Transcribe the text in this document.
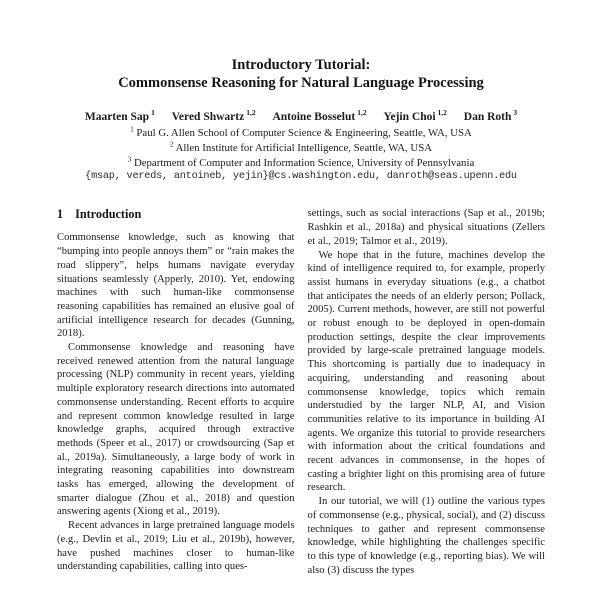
Introductory Tutorial:
Commonsense Reasoning for Natural Language Processing
Maarten Sap $^1$ Vered Shwartz $^{1,2}$ Antoine Bosselut $^{1,2}$ Yejin Choi $^{1,2}$ Dan Roth $^3$
$^1$ Paul G. Allen School of Computer Science & Engineering, Seattle, WA, USA
$^2$ Allen Institute for Artificial Intelligence, Seattle, WA, USA
$^3$ Department of Computer and Information Science, University of Pennsylvania
{msap, vereds, antoineb, yejin}@cs.washington.edu, danroth@seas.upenn.edu
1 Introduction

Commonsense knowledge, such as knowing that “bumping into people annoys them” or “rain makes the road slippery”, helps humans navigate everyday situations seamlessly (Apperly, 2010). Yet, endowing machines with such human-like commonsense reasoning capabilities has remained an elusive goal of artificial intelligence research for decades (Gunning, 2018).

Commonsense knowledge and reasoning have received renewed attention from the natural language processing (NLP) community in recent years, yielding multiple exploratory research directions into automated commonsense understanding. Recent efforts to acquire and represent common knowledge resulted in large knowledge graphs, acquired through extractive methods (Speer et al., 2017) or crowdsourcing (Sap et al., 2019a). Simultaneously, a large body of work in integrating reasoning capabilities into downstream tasks has emerged, allowing the development of smarter dialogue (Zhou et al., 2018) and question answering agents (Xiong et al., 2019).

Recent advances in large pretrained language models (e.g., Devlin et al., 2019; Liu et al., 2019b), however, have pushed machines closer to human-like understanding capabilities, calling into ques-

settings, such as social interactions (Sap et al., 2019b; Rashkin et al., 2018a) and physical situations (Zellers et al., 2019; Talmor et al., 2019).

We hope that in the future, machines develop the kind of intelligence required to, for example, properly assist humans in everyday situations (e.g., a chatbot that anticipates the needs of an elderly person; Pollack, 2005). Current methods, however, are still not powerful or robust enough to be deployed in open-domain production settings, despite the clear improvements provided by large-scale pretrained language models. This shortcoming is partially due to inadequacy in acquiring, understanding and reasoning about commonsense knowledge, topics which remain understudied by the larger NLP, AI, and Vision communities relative to its importance in building AI agents. We organize this tutorial to provide researchers with information about the critical foundations and recent advances in commonsense, in the hopes of casting a brighter light on this promising area of future research.

In our tutorial, we will (1) outline the various types of commonsense (e.g., physical, social), and (2) discuss techniques to gather and represent commonsense knowledge, while highlighting the challenges specific to this type of knowledge (e.g., reporting bias). We will also (3) discuss the types
